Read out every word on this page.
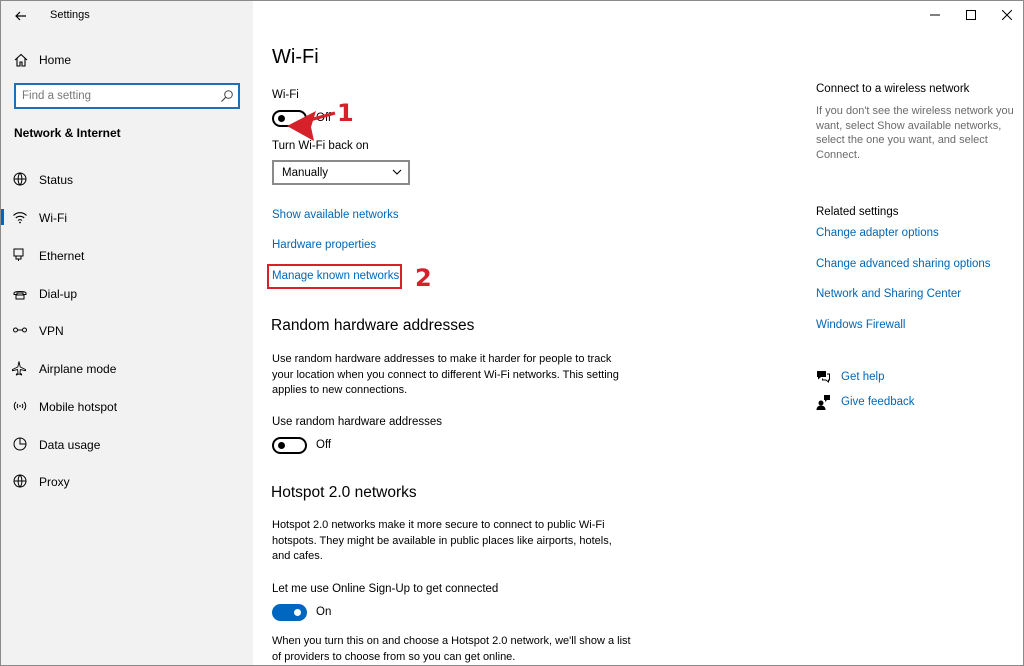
Settings
Home
Find a setting
Network & Internet
Status
Wi-Fi
Ethernet
Dial-up
VPN
Airplane mode
Mobile hotspot
Data usage
Proxy
Wi-Fi
Wi-Fi
Off
Turn Wi-Fi back on
Manually
Show available networks
Hardware properties
Manage known networks
Random hardware addresses
Use random hardware addresses to make it harder for people to track your location when you connect to different Wi-Fi networks. This setting applies to new connections.
Use random hardware addresses
Off
Hotspot 2.0 networks
Hotspot 2.0 networks make it more secure to connect to public Wi-Fi hotspots. They might be available in public places like airports, hotels, and cafes.
Let me use Online Sign-Up to get connected
On
When you turn this on and choose a Hotspot 2.0 network, we'll show a list of providers to choose from so you can get online.
1
2
Connect to a wireless network
If you don't see the wireless network you want, select Show available networks, select the one you want, and select Connect.
Related settings
Change adapter options
Change advanced sharing options
Network and Sharing Center
Windows Firewall
Get help
Give feedback
